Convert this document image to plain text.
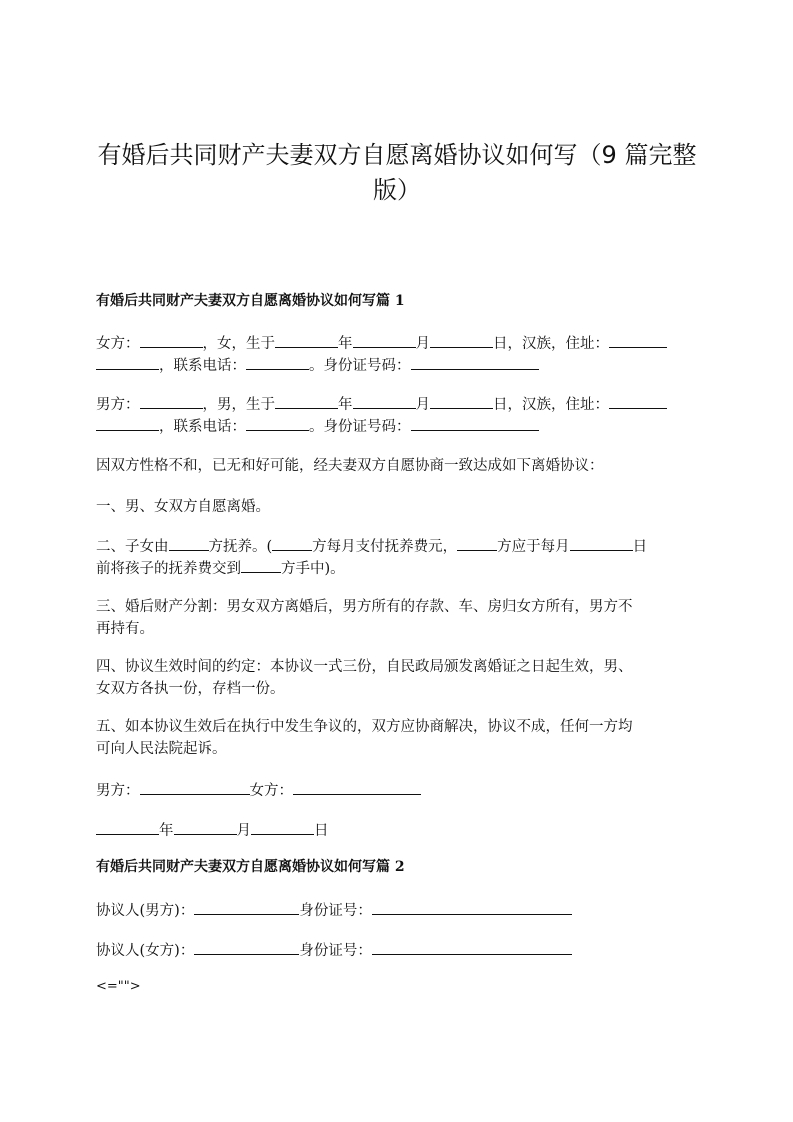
有婚后共同财产夫妻双方自愿离婚协议如何写（9 篇完整版）
有婚后共同财产夫妻双方自愿离婚协议如何写篇 1
女方：	，女，生于	年	月	日，汉族，住址：
，联系电话：	。身份证号码：
男方：	，男，生于	年	月	日，汉族，住址：
，联系电话：	。身份证号码：
因双方性格不和，已无和好可能，经夫妻双方自愿协商一致达成如下离婚协议：
一、男、女双方自愿离婚。
二、子女由	方抚养。(	方每月支付抚养费元，	方应于每月	日
前将孩子的抚养费交到	方手中)。
三、婚后财产分割：男女双方离婚后，男方所有的存款、车、房归女方所有，男方不
再持有。
四、协议生效时间的约定：本协议一式三份，自民政局颁发离婚证之日起生效，男、
女双方各执一份，存档一份。
五、如本协议生效后在执行中发生争议的，双方应协商解决，协议不成，任何一方均
可向人民法院起诉。
男方：	女方：
年	月	日
有婚后共同财产夫妻双方自愿离婚协议如何写篇 2
协议人(男方)：	身份证号：
协议人(女方)：	身份证号：
<="">
